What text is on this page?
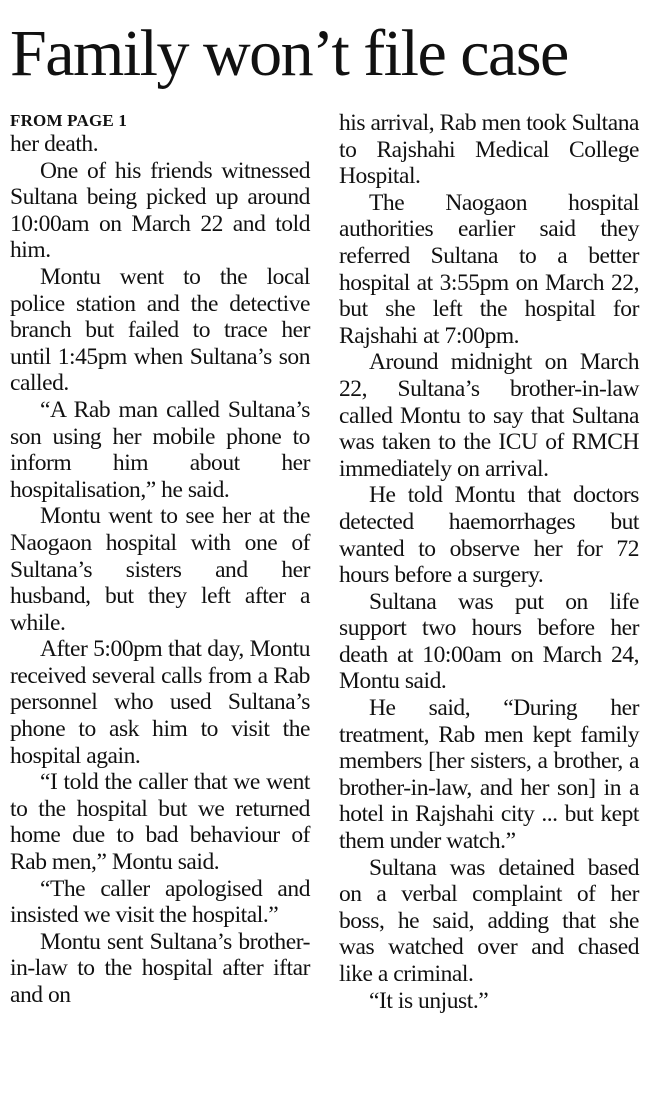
Family won’t file case
FROM PAGE 1

her death.

One of his friends witnessed Sultana being picked up around 10:00am on March 22 and told him.

Montu went to the local police station and the detective branch but failed to trace her until 1:45pm when Sultana’s son called.

“A Rab man called Sultana’s son using her mobile phone to inform him about her hospitalisation,” he said.

Montu went to see her at the Naogaon hospital with one of Sultana’s sisters and her husband, but they left after a while.

After 5:00pm that day, Montu received several calls from a Rab personnel who used Sultana’s phone to ask him to visit the hospital again.

“I told the caller that we went to the hospital but we returned home due to bad behaviour of Rab men,” Montu said.

“The caller apologised and insisted we visit the hospital.”

Montu sent Sultana’s brother-in-law to the hospital after iftar and on

his arrival, Rab men took Sultana to Rajshahi Medical College Hospital.

The Naogaon hospital authorities earlier said they referred Sultana to a better hospital at 3:55pm on March 22, but she left the hospital for Rajshahi at 7:00pm.

Around midnight on March 22, Sultana’s brother-in-law called Montu to say that Sultana was taken to the ICU of RMCH immediately on arrival.

He told Montu that doctors detected haemorrhages but wanted to observe her for 72 hours before a surgery.

Sultana was put on life support two hours before her death at 10:00am on March 24, Montu said.

He said, “During her treatment, Rab men kept family members [her sisters, a brother, a brother-in-law, and her son] in a hotel in Rajshahi city ... but kept them under watch.”

Sultana was detained based on a verbal complaint of her boss, he said, adding that she was watched over and chased like a criminal.

“It is unjust.”
